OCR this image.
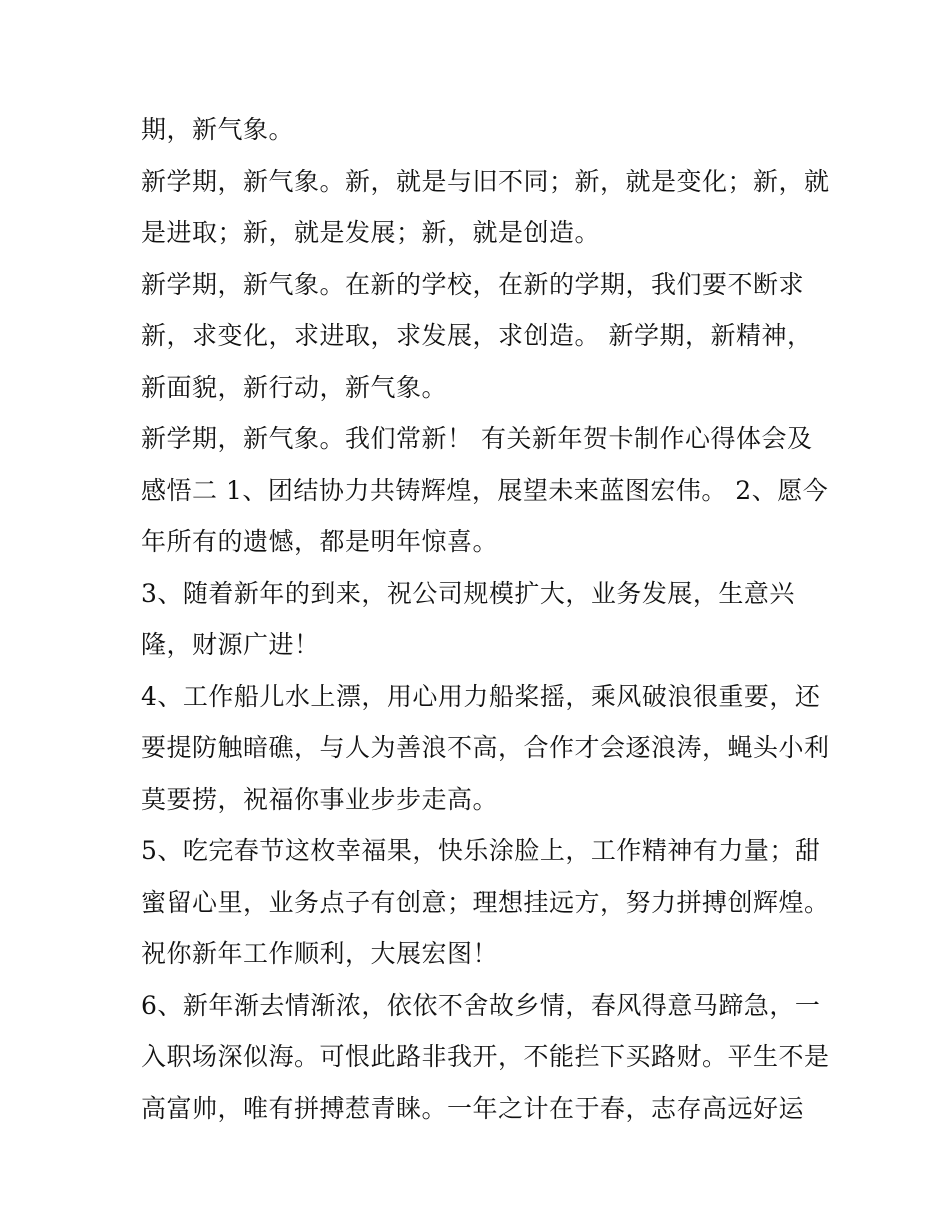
期，新气象。
新学期，新气象。新，就是与旧不同；新，就是变化；新，就
是进取；新，就是发展；新，就是创造。
新学期，新气象。在新的学校，在新的学期，我们要不断求
新，求变化，求进取，求发展，求创造。 新学期，新精神，
新面貌，新行动，新气象。
新学期，新气象。我们常新！ 有关新年贺卡制作心得体会及
感悟二 1、团结协力共铸辉煌，展望未来蓝图宏伟。 2、愿今
年所有的遗憾，都是明年惊喜。
3、随着新年的到来，祝公司规模扩大，业务发展，生意兴
隆，财源广进！
4、工作船儿水上漂，用心用力船桨摇，乘风破浪很重要，还
要提防触暗礁，与人为善浪不高，合作才会逐浪涛，蝇头小利
莫要捞，祝福你事业步步走高。
5、吃完春节这枚幸福果，快乐涂脸上，工作精神有力量；甜
蜜留心里，业务点子有创意；理想挂远方，努力拼搏创辉煌。
祝你新年工作顺利，大展宏图！
6、新年渐去情渐浓，依依不舍故乡情，春风得意马蹄急，一
入职场深似海。可恨此路非我开，不能拦下买路财。平生不是
高富帅，唯有拼搏惹青睐。一年之计在于春，志存高远好运
